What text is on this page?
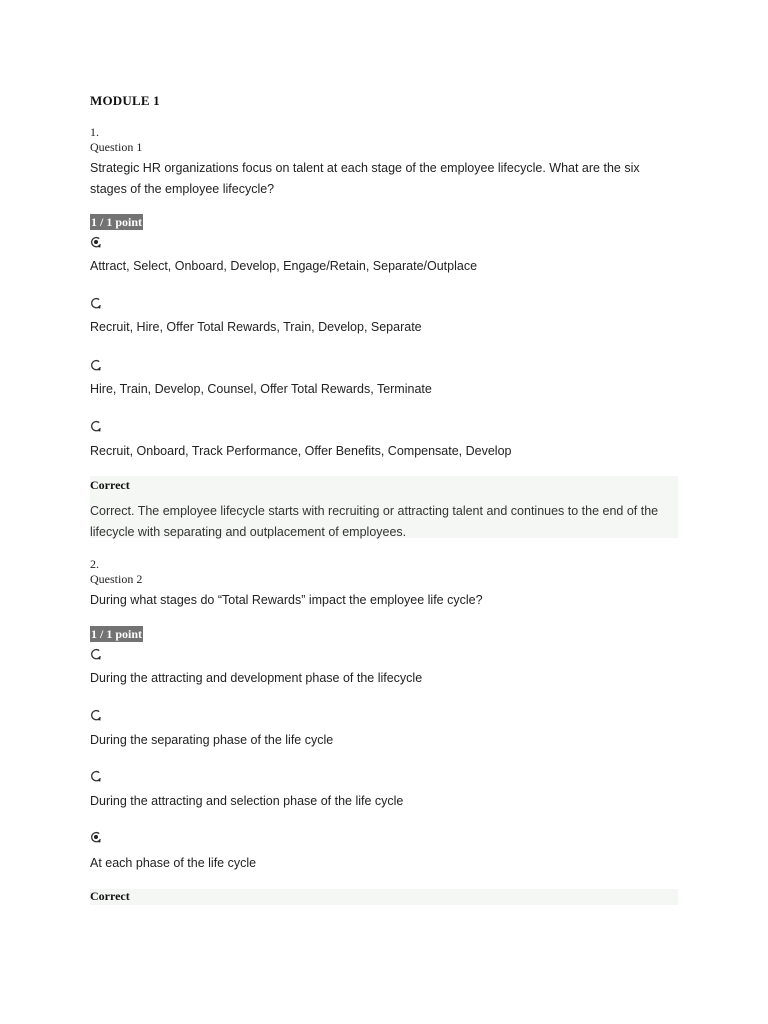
MODULE 1
1.
Question 1
Strategic HR organizations focus on talent at each stage of the employee lifecycle. What are the six stages of the employee lifecycle?
1 / 1 point
Attract, Select, Onboard, Develop, Engage/Retain, Separate/Outplace
Recruit, Hire, Offer Total Rewards, Train, Develop, Separate
Hire, Train, Develop, Counsel, Offer Total Rewards, Terminate
Recruit, Onboard, Track Performance, Offer Benefits, Compensate, Develop
Correct
Correct. The employee lifecycle starts with recruiting or attracting talent and continues to the end of the lifecycle with separating and outplacement of employees.
2.
Question 2
During what stages do “Total Rewards” impact the employee life cycle?
1 / 1 point
During the attracting and development phase of the lifecycle
During the separating phase of the life cycle
During the attracting and selection phase of the life cycle
At each phase of the life cycle
Correct
